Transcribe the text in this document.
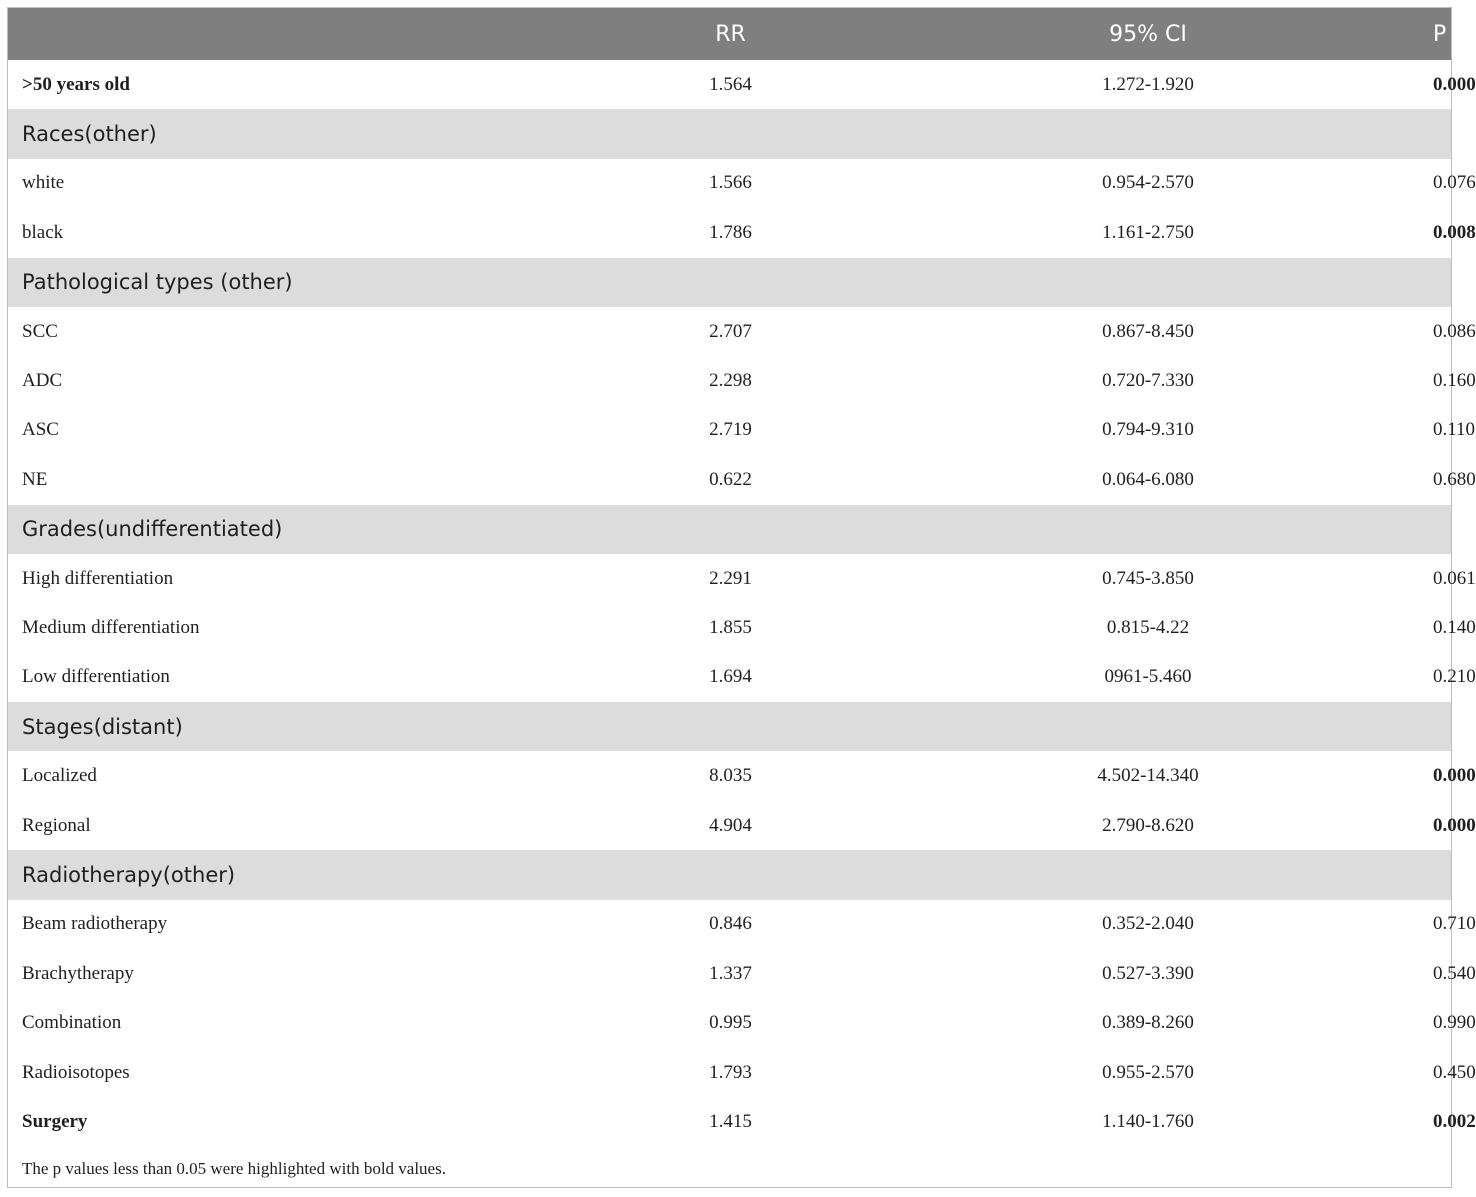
	RR	95% CI	P
>50 years old	1.564	1.272-1.920	0.000
Races(other)			
white	1.566	0.954-2.570	0.076
black	1.786	1.161-2.750	0.008
Pathological types (other)			
SCC	2.707	0.867-8.450	0.086
ADC	2.298	0.720-7.330	0.160
ASC	2.719	0.794-9.310	0.110
NE	0.622	0.064-6.080	0.680
Grades(undifferentiated)			
High differentiation	2.291	0.745-3.850	0.061
Medium differentiation	1.855	0.815-4.22	0.140
Low differentiation	1.694	0961-5.460	0.210
Stages(distant)			
Localized	8.035	4.502-14.340	0.000
Regional	4.904	2.790-8.620	0.000
Radiotherapy(other)			
Beam radiotherapy	0.846	0.352-2.040	0.710
Brachytherapy	1.337	0.527-3.390	0.540
Combination	0.995	0.389-8.260	0.990
Radioisotopes	1.793	0.955-2.570	0.450
Surgery	1.415	1.140-1.760	0.002
The p values less than 0.05 were highlighted with bold values.
